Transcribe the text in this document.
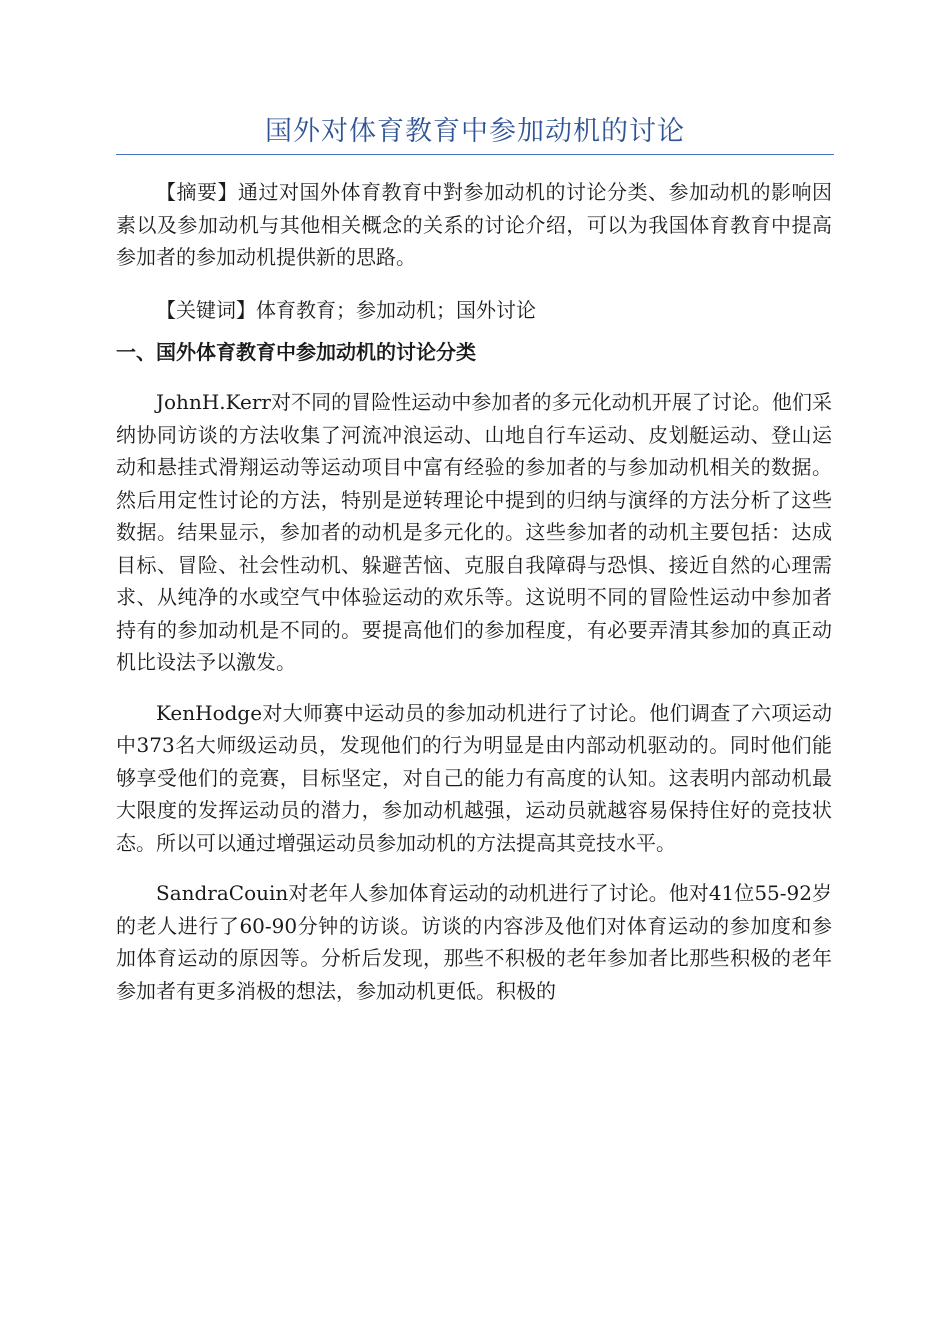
国外对体育教育中参加动机的讨论

【摘要】通过对国外体育教育中對参加动机的讨论分类、参加动机的影响因素以及参加动机与其他相关概念的关系的讨论介绍，可以为我国体育教育中提高参加者的参加动机提供新的思路。

【关键词】体育教育；参加动机；国外讨论

一、国外体育教育中参加动机的讨论分类

JohnH.Kerr对不同的冒险性运动中参加者的多元化动机开展了讨论。他们采纳协同访谈的方法收集了河流冲浪运动、山地自行车运动、皮划艇运动、登山运动和悬挂式滑翔运动等运动项目中富有经验的参加者的与参加动机相关的数据。然后用定性讨论的方法，特别是逆转理论中提到的归纳与演绎的方法分析了这些数据。结果显示，参加者的动机是多元化的。这些参加者的动机主要包括：达成目标、冒险、社会性动机、躲避苦恼、克服自我障碍与恐惧、接近自然的心理需求、从纯净的水或空气中体验运动的欢乐等。这说明不同的冒险性运动中参加者持有的参加动机是不同的。要提高他们的参加程度，有必要弄清其参加的真正动机比设法予以激发。

KenHodge对大师赛中运动员的参加动机进行了讨论。他们调查了六项运动中373名大师级运动员，发现他们的行为明显是由内部动机驱动的。同时他们能够享受他们的竞赛，目标坚定，对自己的能力有高度的认知。这表明内部动机最大限度的发挥运动员的潜力，参加动机越强，运动员就越容易保持住好的竞技状态。所以可以通过增强运动员参加动机的方法提高其竞技水平。

SandraCouin对老年人参加体育运动的动机进行了讨论。他对41位55-92岁的老人进行了60-90分钟的访谈。访谈的内容涉及他们对体育运动的参加度和参加体育运动的原因等。分析后发现，那些不积极的老年参加者比那些积极的老年参加者有更多消极的想法，参加动机更低。积极的
